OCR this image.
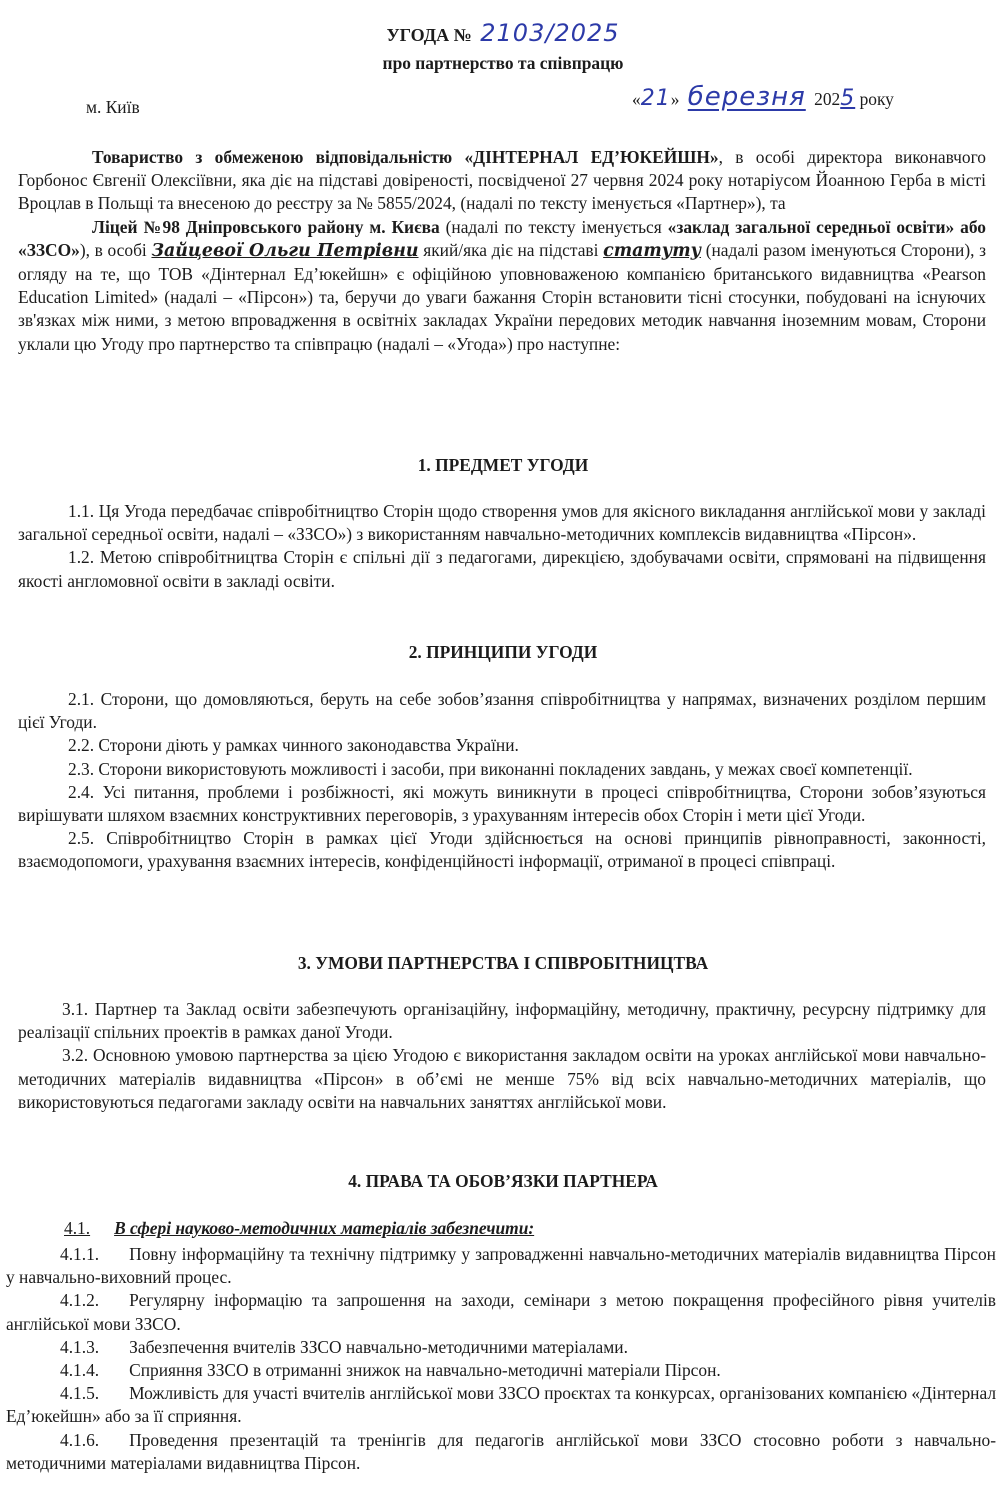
УГОДА № 2103/2025
про партнерство та співпрацю
м. Київ	«21» березня 2025 року

Товариство з обмеженою відповідальністю «ДІНТЕРНАЛ ЕД’ЮКЕЙШН», в особі директора виконавчого Горбонос Євгенії Олексіївни, яка діє на підставі довіреності, посвідченої 27 червня 2024 року нотаріусом Йоанною Герба в місті Вроцлав в Польщі та внесеною до реєстру за № 5855/2024, (надалі по тексту іменується «Партнер»), та

Ліцей №98 Дніпровського району м. Києва (надалі по тексту іменується «заклад загальної середньої освіти» або «ЗЗСО»), в особі Зайцевої Ольги Петрівни який/яка діє на підставі статуту (надалі разом іменуються Сторони), з огляду на те, що ТОВ «Дінтернал Ед’юкейшн» є офіційною уповноваженою компанією британського видавництва «Pearson Education Limited» (надалі – «Пірсон») та, беручи до уваги бажання Сторін встановити тісні стосунки, побудовані на існуючих зв'язках між ними, з метою впровадження в освітніх закладах України передових методик навчання іноземним мовам, Сторони уклали цю Угоду про партнерство та співпрацю (надалі – «Угода») про наступне:

1. ПРЕДМЕТ УГОДИ

1.1. Ця Угода передбачає співробітництво Сторін щодо створення умов для якісного викладання англійської мови у закладі загальної середньої освіти, надалі – «ЗЗСО») з використанням навчально-методичних комплексів видавництва «Пірсон».

1.2. Метою співробітництва Сторін є спільні дії з педагогами, дирекцією, здобувачами освіти, спрямовані на підвищення якості англомовної освіти в закладі освіти.

2. ПРИНЦИПИ УГОДИ

2.1. Сторони, що домовляються, беруть на себе зобов’язання співробітництва у напрямах, визначених розділом першим цієї Угоди.

2.2. Сторони діють у рамках чинного законодавства України.

2.3. Сторони використовують можливості і засоби, при виконанні покладених завдань, у межах своєї компетенції.

2.4. Усі питання, проблеми і розбіжності, які можуть виникнути в процесі співробітництва, Сторони зобов’язуються вирішувати шляхом взаємних конструктивних переговорів, з урахуванням інтересів обох Сторін і мети цієї Угоди.

2.5. Співробітництво Сторін в рамках цієї Угоди здійснюється на основі принципів рівноправності, законності, взаємодопомоги, урахування взаємних інтересів, конфіденційності інформації, отриманої в процесі співпраці.

3. УМОВИ ПАРТНЕРСТВА І СПІВРОБІТНИЦТВА

3.1. Партнер та Заклад освіти забезпечують організаційну, інформаційну, методичну, практичну, ресурсну підтримку для реалізації спільних проектів в рамках даної Угоди.

3.2. Основною умовою партнерства за цією Угодою є використання закладом освіти на уроках англійської мови навчально-методичних матеріалів видавництва «Пірсон» в об’ємі не менше 75% від всіх навчально-методичних матеріалів, що використовуються педагогами закладу освіти на навчальних заняттях англійської мови.

4. ПРАВА ТА ОБОВ’ЯЗКИ ПАРТНЕРА
4.1. В сфері науково-методичних матеріалів забезпечити:

4.1.1. Повну інформаційну та технічну підтримку у запровадженні навчально-методичних матеріалів видавництва Пірсон у навчально-виховний процес.

4.1.2. Регулярну інформацію та запрошення на заходи, семінари з метою покращення професійного рівня учителів англійської мови ЗЗСО.

4.1.3. Забезпечення вчителів ЗЗСО навчально-методичними матеріалами.

4.1.4. Сприяння ЗЗСО в отриманні знижок на навчально-методичні матеріали Пірсон.

4.1.5. Можливість для участі вчителів англійської мови ЗЗСО проєктах та конкурсах, організованих компанією «Дінтернал Ед’юкейшн» або за її сприяння.

4.1.6. Проведення презентацій та тренінгів для педагогів англійської мови ЗЗСО стосовно роботи з навчально-методичними матеріалами видавництва Пірсон.
